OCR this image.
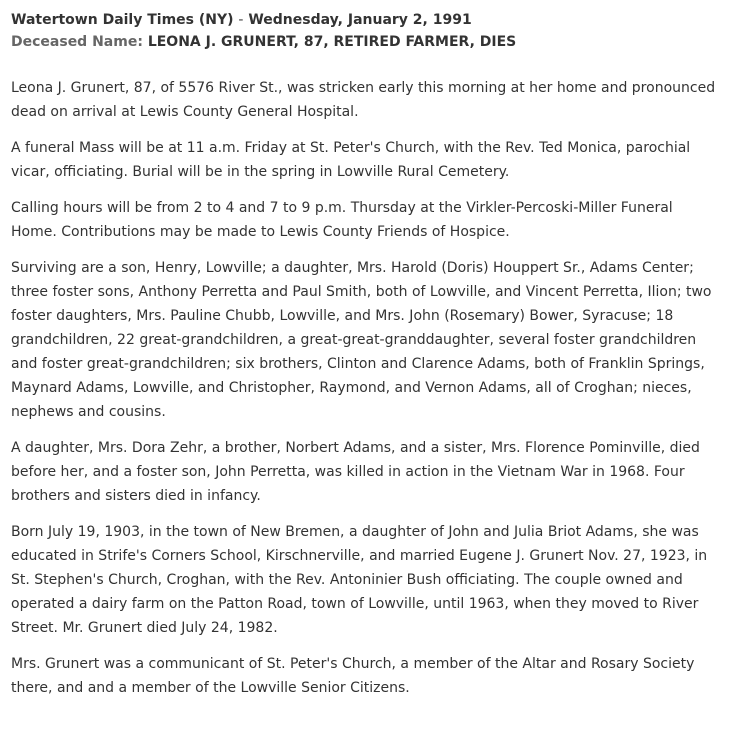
Watertown Daily Times (NY) - Wednesday, January 2, 1991
Deceased Name: LEONA J. GRUNERT, 87, RETIRED FARMER, DIES

Leona J. Grunert, 87, of 5576 River St., was stricken early this morning at her home and pronounced dead on arrival at Lewis County General Hospital.

A funeral Mass will be at 11 a.m. Friday at St. Peter's Church, with the Rev. Ted Monica, parochial vicar, officiating. Burial will be in the spring in Lowville Rural Cemetery.

Calling hours will be from 2 to 4 and 7 to 9 p.m. Thursday at the Virkler-Percoski-Miller Funeral Home. Contributions may be made to Lewis County Friends of Hospice.

Surviving are a son, Henry, Lowville; a daughter, Mrs. Harold (Doris) Houppert Sr., Adams Center; three foster sons, Anthony Perretta and Paul Smith, both of Lowville, and Vincent Perretta, Ilion; two foster daughters, Mrs. Pauline Chubb, Lowville, and Mrs. John (Rosemary) Bower, Syracuse; 18 grandchildren, 22 great-grandchildren, a great-great-granddaughter, several foster grandchildren and foster great-grandchildren; six brothers, Clinton and Clarence Adams, both of Franklin Springs, Maynard Adams, Lowville, and Christopher, Raymond, and Vernon Adams, all of Croghan; nieces, nephews and cousins.

A daughter, Mrs. Dora Zehr, a brother, Norbert Adams, and a sister, Mrs. Florence Pominville, died before her, and a foster son, John Perretta, was killed in action in the Vietnam War in 1968. Four brothers and sisters died in infancy.

Born July 19, 1903, in the town of New Bremen, a daughter of John and Julia Briot Adams, she was educated in Strife's Corners School, Kirschnerville, and married Eugene J. Grunert Nov. 27, 1923, in St. Stephen's Church, Croghan, with the Rev. Antoninier Bush officiating. The couple owned and operated a dairy farm on the Patton Road, town of Lowville, until 1963, when they moved to River Street. Mr. Grunert died July 24, 1982.

Mrs. Grunert was a communicant of St. Peter's Church, a member of the Altar and Rosary Society there, and and a member of the Lowville Senior Citizens.
